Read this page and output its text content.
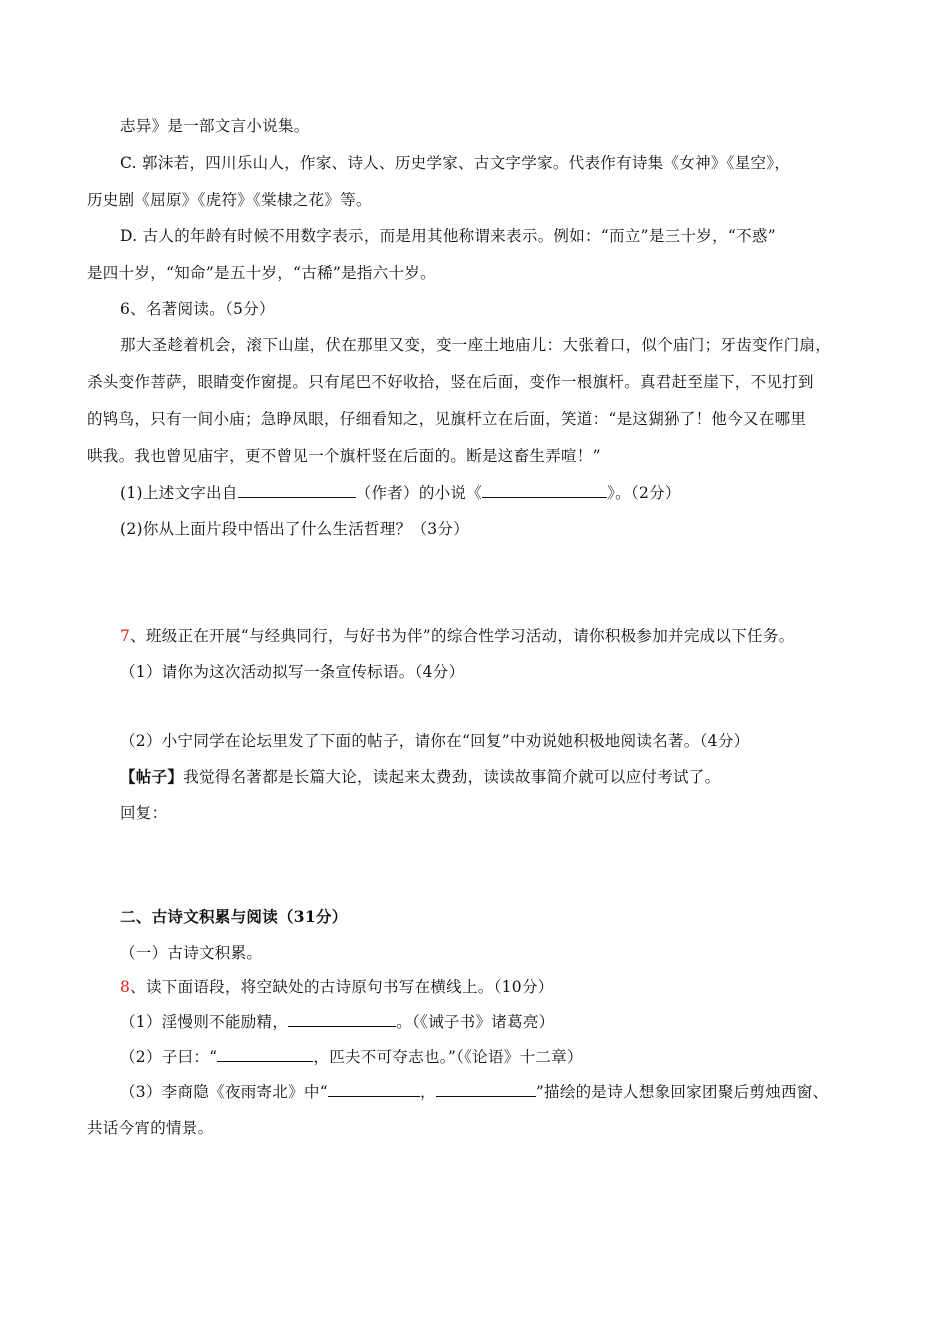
志异》是一部文言小说集。
C. 郭沫若，四川乐山人，作家、诗人、历史学家、古文字学家。代表作有诗集《女神》《星空》，
历史剧《屈原》《虎符》《棠棣之花》等。
D. 古人的年龄有时候不用数字表示，而是用其他称谓来表示。例如：“而立”是三十岁，“不惑”
是四十岁，“知命”是五十岁，“古稀”是指六十岁。
6、名著阅读。（5分）
那大圣趁着机会，滚下山崖，伏在那里又变，变一座土地庙儿：大张着口，似个庙门；牙齿变作门扇，
杀头变作菩萨，眼睛变作窗提。只有尾巴不好收拾，竖在后面，变作一根旗杆。真君赶至崖下，不见打到
的鸨鸟，只有一间小庙；急睁凤眼，仔细看知之，见旗杆立在后面，笑道：“是这猢狲了！他今又在哪里
哄我。我也曾见庙宇，更不曾见一个旗杆竖在后面的。断是这畜生弄喧！”
(1)上述文字出自	（作者）的小说《	》。（2分）
(2)你从上面片段中悟出了什么生活哲理？（3分）
7、班级正在开展“与经典同行，与好书为伴”的综合性学习活动，请你积极参加并完成以下任务。
（1）请你为这次活动拟写一条宣传标语。（4分）
（2）小宁同学在论坛里发了下面的帖子，请你在“回复”中劝说她积极地阅读名著。（4分）
【帖子】我觉得名著都是长篇大论，读起来太费劲，读读故事简介就可以应付考试了。
回复：
二、古诗文积累与阅读（31分）
（一）古诗文积累。
8、读下面语段，将空缺处的古诗原句书写在横线上。（10分）
（1）淫慢则不能励精，	。（《诫子书》诸葛亮）
（2）子曰：“	，匹夫不可夺志也。”（《论语》十二章）
（3）李商隐《夜雨寄北》中“	，	”描绘的是诗人想象回家团聚后剪烛西窗、
共话今宵的情景。
